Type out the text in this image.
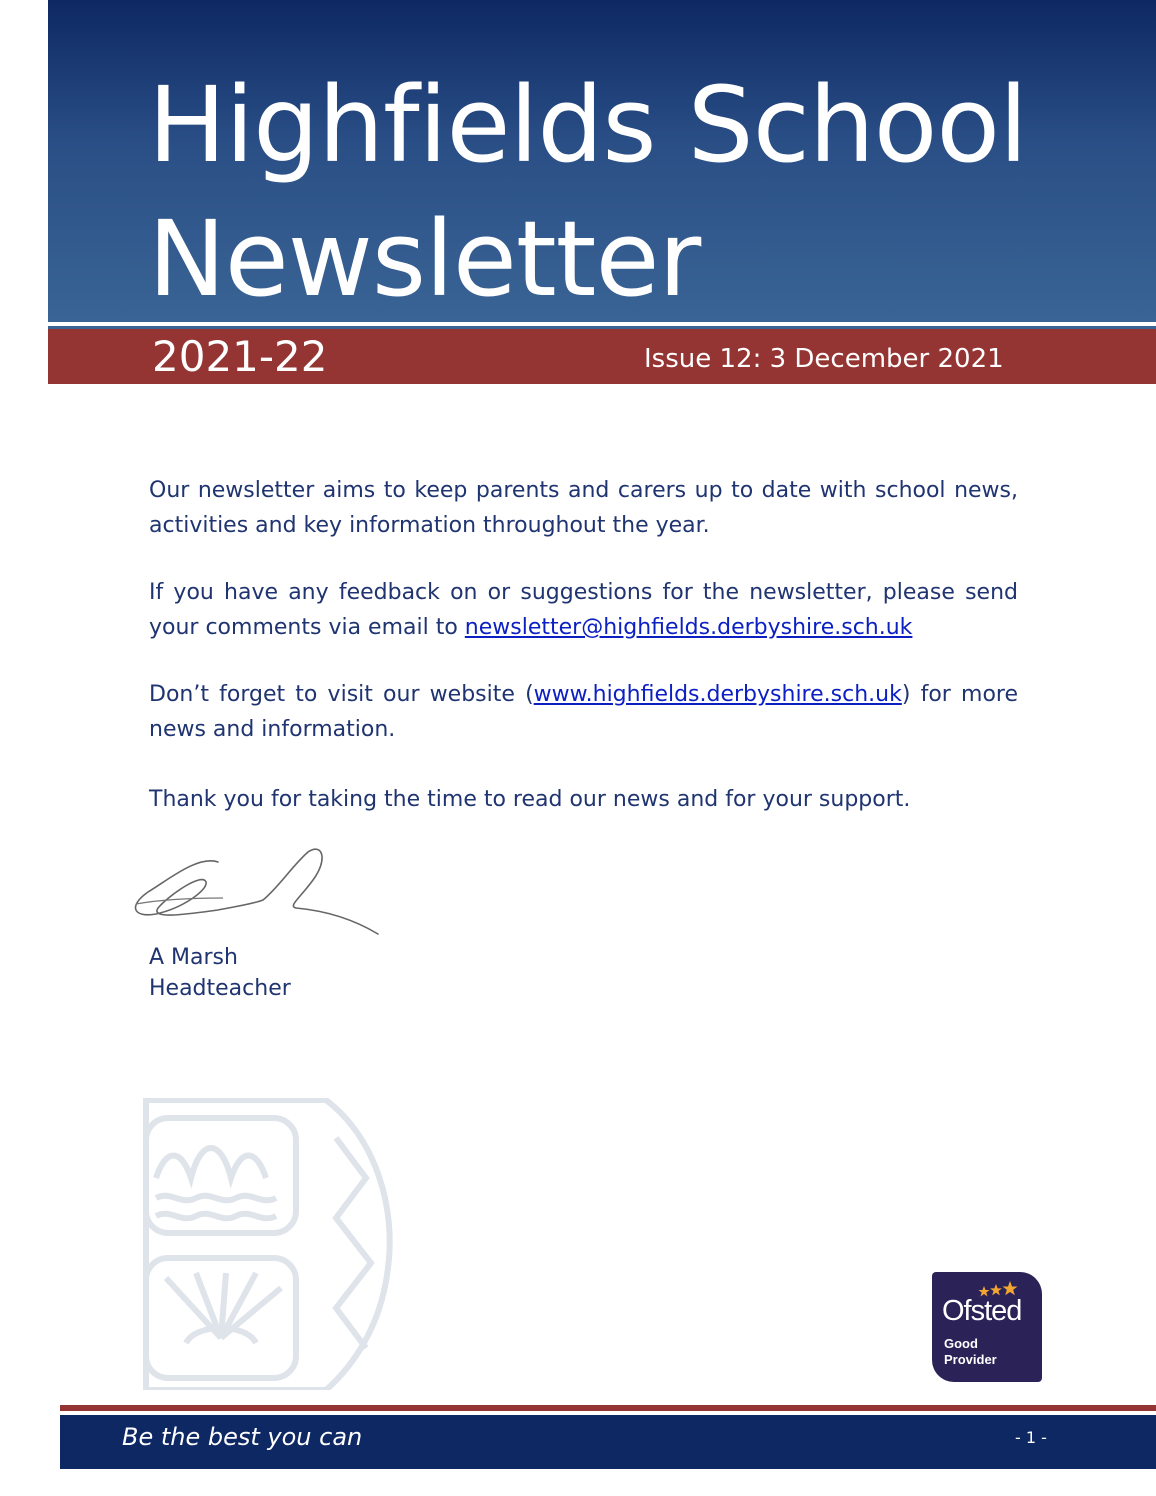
Highfields School
Newsletter
2021-22	Issue 12: 3 December 2021
Our newsletter aims to keep parents and carers up to date with school news, activities and key information throughout the year.
If you have any feedback on or suggestions for the newsletter, please send your comments via email to newsletter@highfields.derbyshire.sch.uk
Don’t forget to visit our website (www.highfields.derbyshire.sch.uk) for more news and information.
Thank you for taking the time to read our news and for your support.
A Marsh
Headteacher
Ofsted
Good
Provider
Be the best you can	- 1 -
